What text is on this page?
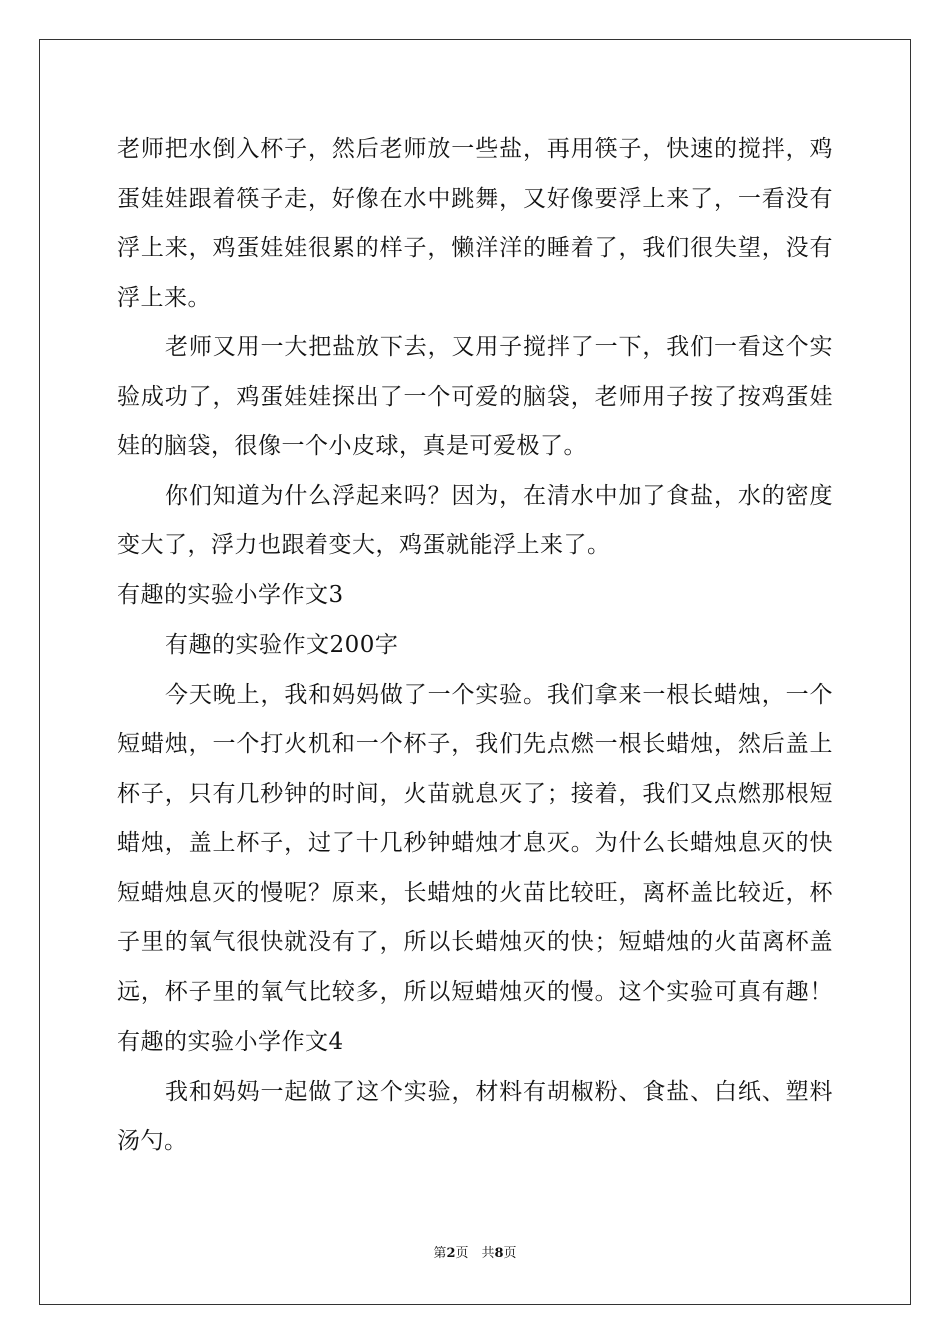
老师把水倒入杯子，然后老师放一些盐，再用筷子，快速的搅拌，鸡
蛋娃娃跟着筷子走，好像在水中跳舞，又好像要浮上来了，一看没有
浮上来，鸡蛋娃娃很累的样子，懒洋洋的睡着了，我们很失望，没有
浮上来。
老师又用一大把盐放下去，又用子搅拌了一下，我们一看这个实
验成功了，鸡蛋娃娃探出了一个可爱的脑袋，老师用子按了按鸡蛋娃
娃的脑袋，很像一个小皮球，真是可爱极了。
你们知道为什么浮起来吗？因为，在清水中加了食盐，水的密度
变大了，浮力也跟着变大，鸡蛋就能浮上来了。
有趣的实验小学作文3
有趣的实验作文200字
今天晚上，我和妈妈做了一个实验。我们拿来一根长蜡烛，一个
短蜡烛，一个打火机和一个杯子，我们先点燃一根长蜡烛，然后盖上
杯子，只有几秒钟的时间，火苗就息灭了；接着，我们又点燃那根短
蜡烛，盖上杯子，过了十几秒钟蜡烛才息灭。为什么长蜡烛息灭的快
短蜡烛息灭的慢呢？原来，长蜡烛的火苗比较旺，离杯盖比较近，杯
子里的氧气很快就没有了，所以长蜡烛灭的快；短蜡烛的火苗离杯盖
远，杯子里的氧气比较多，所以短蜡烛灭的慢。这个实验可真有趣！
有趣的实验小学作文4
我和妈妈一起做了这个实验，材料有胡椒粉、食盐、白纸、塑料
汤勺。
第2页　共8页
